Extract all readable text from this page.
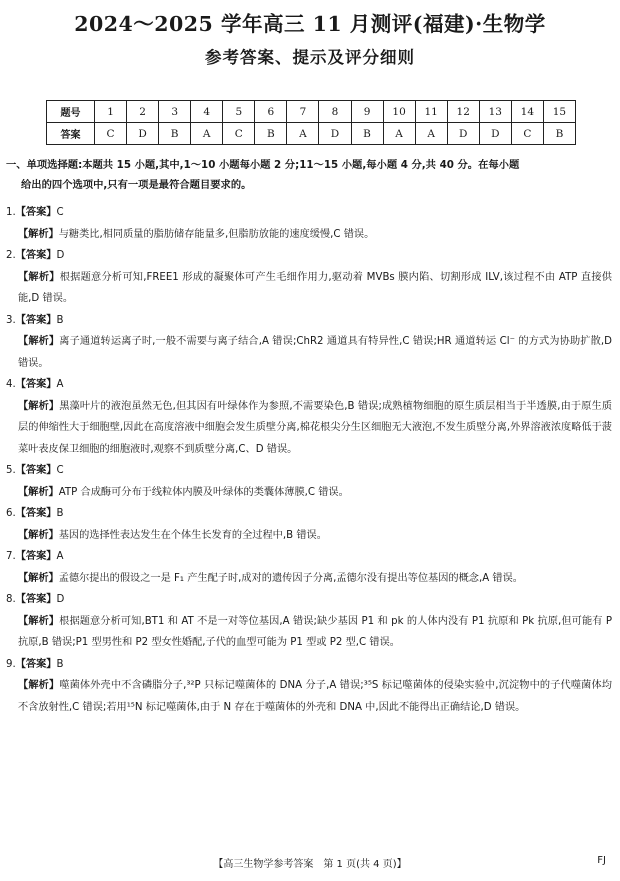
2024～2025 学年高三 11 月测评(福建)·生物学
参考答案、提示及评分细则
题号	1	2	3	4	5	6	7	8	9	10	11	12	13	14	15
答案	C	D	B	A	C	B	A	D	B	A	A	D	D	C	B
一、单项选择题:本题共 15 小题,其中,1～10 小题每小题 2 分;11～15 小题,每小题 4 分,共 40 分。在每小题
给出的四个选项中,只有一项是最符合题目要求的。
1.【答案】C
【解析】与糖类比,相同质量的脂肪储存能量多,但脂肪放能的速度缓慢,C 错误。
2.【答案】D
【解析】根据题意分析可知,FREE1 形成的凝聚体可产生毛细作用力,驱动着 MVBs 膜内陷、切割形成 ILV,该过程不由 ATP 直接供能,D 错误。
3.【答案】B
【解析】离子通道转运离子时,一般不需要与离子结合,A 错误;ChR2 通道具有特异性,C 错误;HR 通道转运 Cl⁻ 的方式为协助扩散,D 错误。
4.【答案】A
【解析】黑藻叶片的液泡虽然无色,但其因有叶绿体作为参照,不需要染色,B 错误;成熟植物细胞的原生质层相当于半透膜,由于原生质层的伸缩性大于细胞壁,因此在高度溶液中细胞会发生质壁分离,棉花根尖分生区细胞无大液泡,不发生质壁分离,外界溶液浓度略低于菠菜叶表皮保卫细胞的细胞液时,观察不到质壁分离,C、D 错误。
5.【答案】C
【解析】ATP 合成酶可分布于线粒体内膜及叶绿体的类囊体薄膜,C 错误。
6.【答案】B
【解析】基因的选择性表达发生在个体生长发育的全过程中,B 错误。
7.【答案】A
【解析】孟德尔提出的假设之一是 F₁ 产生配子时,成对的遗传因子分离,孟德尔没有提出等位基因的概念,A 错误。
8.【答案】D
【解析】根据题意分析可知,BT1 和 AT 不是一对等位基因,A 错误;缺少基因 P1 和 pk 的人体内没有 P1 抗原和 Pk 抗原,但可能有 P 抗原,B 错误;P1 型男性和 P2 型女性婚配,子代的血型可能为 P1 型或 P2 型,C 错误。
9.【答案】B
【解析】噬菌体外壳中不含磷脂分子,³²P 只标记噬菌体的 DNA 分子,A 错误;³⁵S 标记噬菌体的侵染实验中,沉淀物中的子代噬菌体均不含放射性,C 错误;若用¹⁵N 标记噬菌体,由于 N 存在于噬菌体的外壳和 DNA 中,因此不能得出正确结论,D 错误。
【高三生物学参考答案　第 1 页(共 4 页)】	FJ
